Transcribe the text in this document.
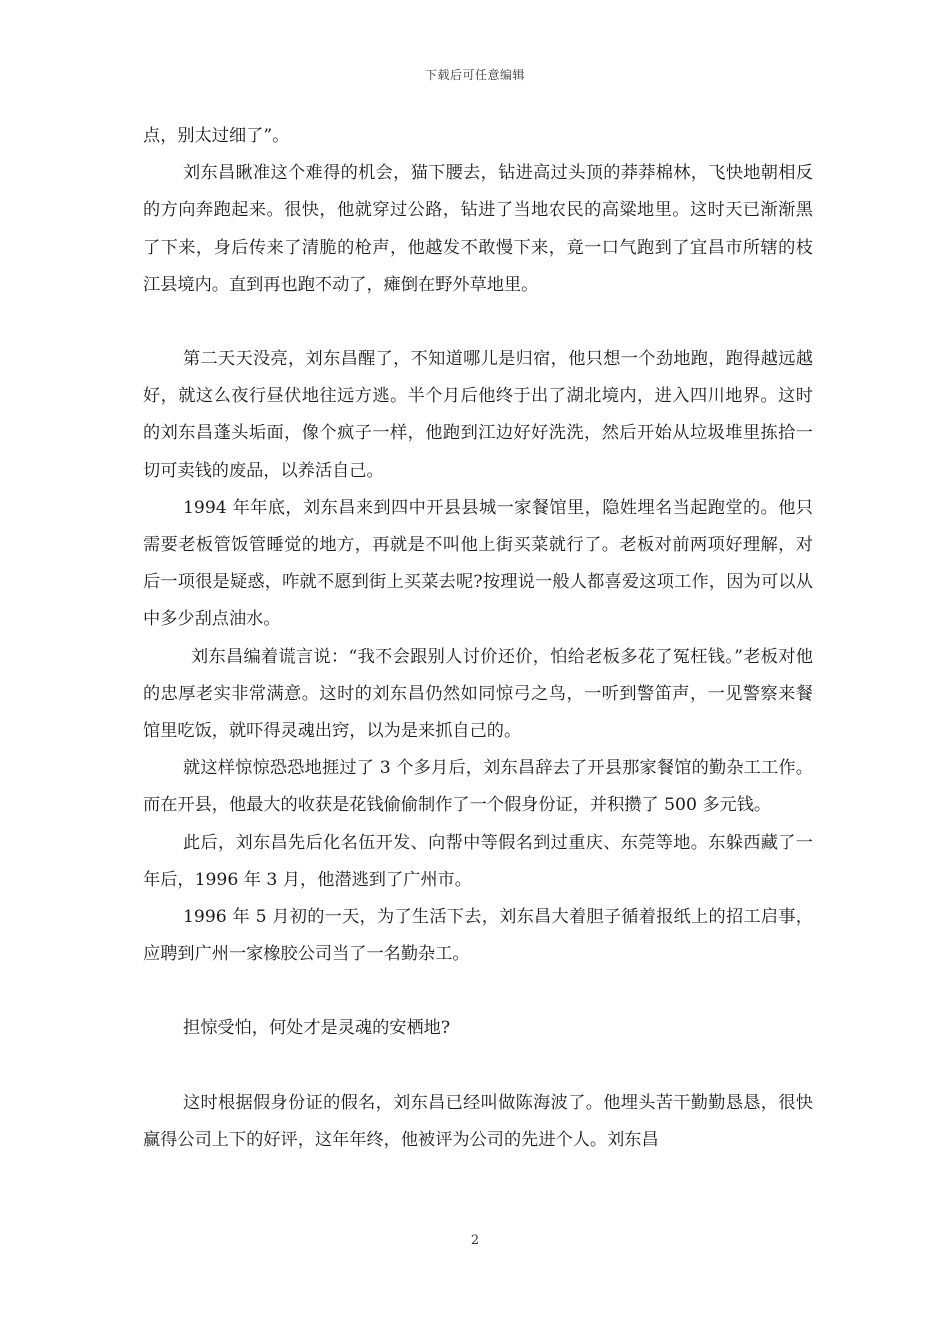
下载后可任意编辑

点，别太过细了”。

刘东昌瞅准这个难得的机会，猫下腰去，钻进高过头顶的莽莽棉林，飞快地朝相反的方向奔跑起来。很快，他就穿过公路，钻进了当地农民的高粱地里。这时天已渐渐黑了下来，身后传来了清脆的枪声，他越发不敢慢下来，竟一口气跑到了宜昌市所辖的枝江县境内。直到再也跑不动了，瘫倒在野外草地里。

第二天天没亮，刘东昌醒了，不知道哪儿是归宿，他只想一个劲地跑，跑得越远越好，就这么夜行昼伏地往远方逃。半个月后他终于出了湖北境内，进入四川地界。这时的刘东昌蓬头垢面，像个疯子一样，他跑到江边好好洗洗，然后开始从垃圾堆里拣拾一切可卖钱的废品，以养活自己。

1994 年年底，刘东昌来到四中开县县城一家餐馆里，隐姓埋名当起跑堂的。他只需要老板管饭管睡觉的地方，再就是不叫他上街买菜就行了。老板对前两项好理解，对后一项很是疑惑，咋就不愿到街上买菜去呢?按理说一般人都喜爱这项工作，因为可以从中多少刮点油水。

刘东昌编着谎言说：“我不会跟别人讨价还价，怕给老板多花了冤枉钱。”老板对他的忠厚老实非常满意。这时的刘东昌仍然如同惊弓之鸟，一听到警笛声，一见警察来餐馆里吃饭，就吓得灵魂出窍，以为是来抓自己的。

就这样惊惊恐恐地捱过了 3 个多月后，刘东昌辞去了开县那家餐馆的勤杂工工作。而在开县，他最大的收获是花钱偷偷制作了一个假身份证，并积攒了 500 多元钱。

此后，刘东昌先后化名伍开发、向帮中等假名到过重庆、东莞等地。东躲西藏了一年后，1996 年 3 月，他潜逃到了广州市。

1996 年 5 月初的一天，为了生活下去，刘东昌大着胆子循着报纸上的招工启事，应聘到广州一家橡胶公司当了一名勤杂工。

担惊受怕，何处才是灵魂的安栖地?

这时根据假身份证的假名，刘东昌已经叫做陈海波了。他埋头苦干勤勤恳恳，很快赢得公司上下的好评，这年年终，他被评为公司的先进个人。刘东昌

2
